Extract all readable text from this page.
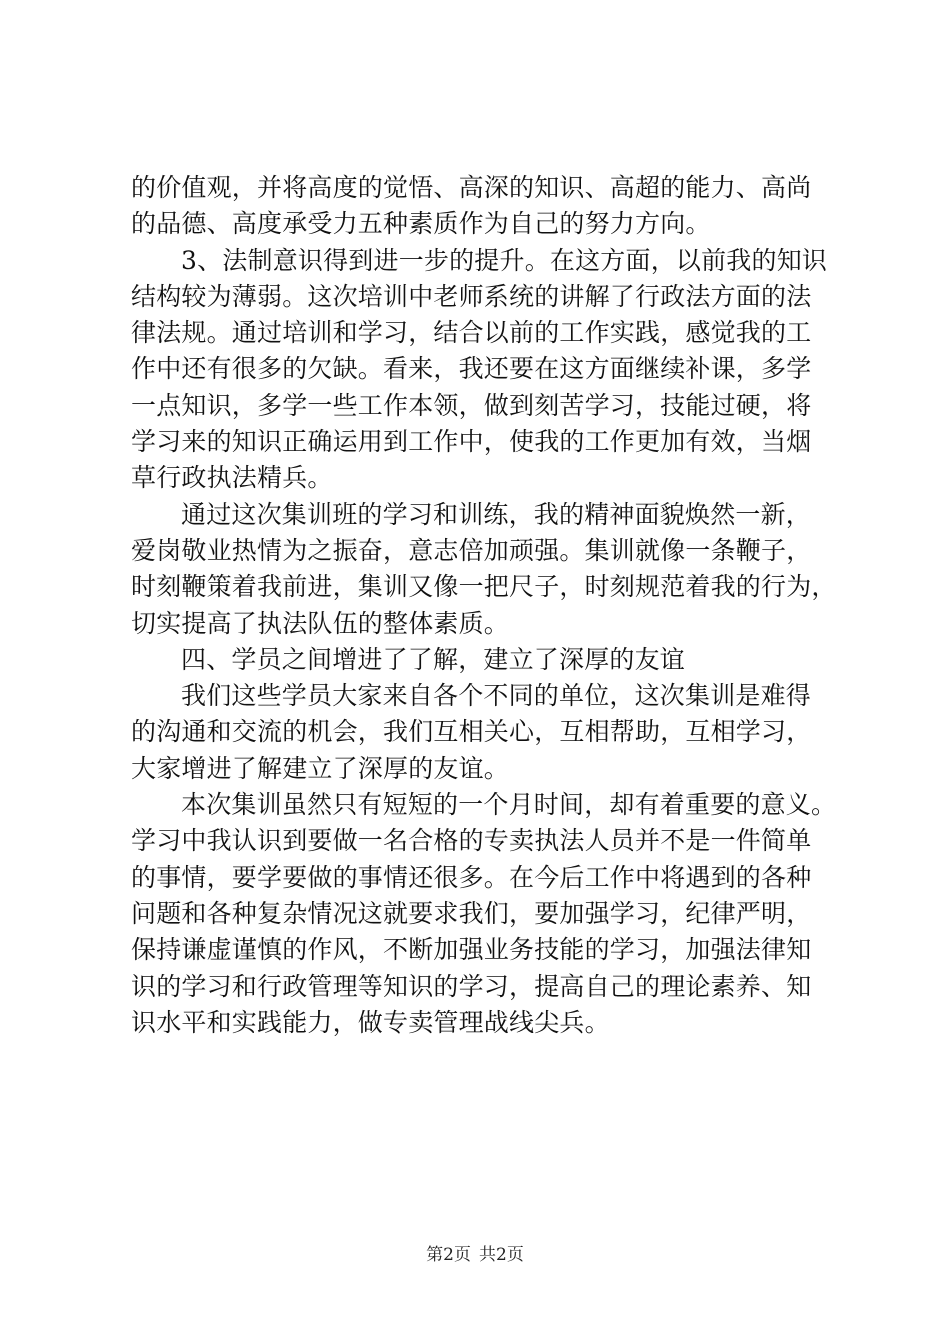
的价值观，并将高度的觉悟、高深的知识、高超的能力、高尚
的品德、高度承受力五种素质作为自己的努力方向。
3、法制意识得到进一步的提升。在这方面，以前我的知识
结构较为薄弱。这次培训中老师系统的讲解了行政法方面的法
律法规。通过培训和学习，结合以前的工作实践，感觉我的工
作中还有很多的欠缺。看来，我还要在这方面继续补课，多学
一点知识，多学一些工作本领，做到刻苦学习，技能过硬，将
学习来的知识正确运用到工作中，使我的工作更加有效，当烟
草行政执法精兵。
通过这次集训班的学习和训练，我的精神面貌焕然一新，
爱岗敬业热情为之振奋，意志倍加顽强。集训就像一条鞭子，
时刻鞭策着我前进，集训又像一把尺子，时刻规范着我的行为，
切实提高了执法队伍的整体素质。
四、学员之间增进了了解，建立了深厚的友谊
我们这些学员大家来自各个不同的单位，这次集训是难得
的沟通和交流的机会，我们互相关心，互相帮助，互相学习，
大家增进了解建立了深厚的友谊。
本次集训虽然只有短短的一个月时间，却有着重要的意义。
学习中我认识到要做一名合格的专卖执法人员并不是一件简单
的事情，要学要做的事情还很多。在今后工作中将遇到的各种
问题和各种复杂情况这就要求我们，要加强学习，纪律严明，
保持谦虚谨慎的作风，不断加强业务技能的学习，加强法律知
识的学习和行政管理等知识的学习，提高自己的理论素养、知
识水平和实践能力，做专卖管理战线尖兵。
第2页 共2页
